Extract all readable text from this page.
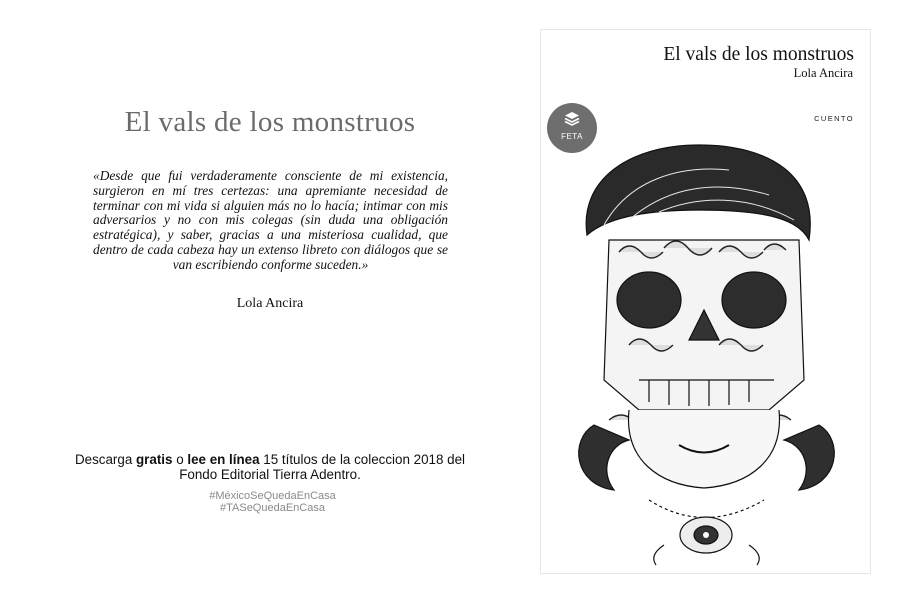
El vals de los monstruos
«Desde que fui verdaderamente consciente de mi existencia, surgieron en mí tres certezas: una apremiante necesidad de terminar con mi vida si alguien más no lo hacía; intimar con mis adversarios y no con mis colegas (sin duda una obligación estratégica), y saber, gracias a una misteriosa cualidad, que dentro de cada cabeza hay un extenso libreto con diálogos que se van escribiendo conforme suceden.»
Lola Ancira
Descarga gratis o lee en línea 15 títulos de la coleccion 2018 del Fondo Editorial Tierra Adentro.
#MéxicoSeQuedaEnCasa
#TASeQuedaEnCasa
El vals de los monstruos
Lola Ancira
FETA
CUENTO
